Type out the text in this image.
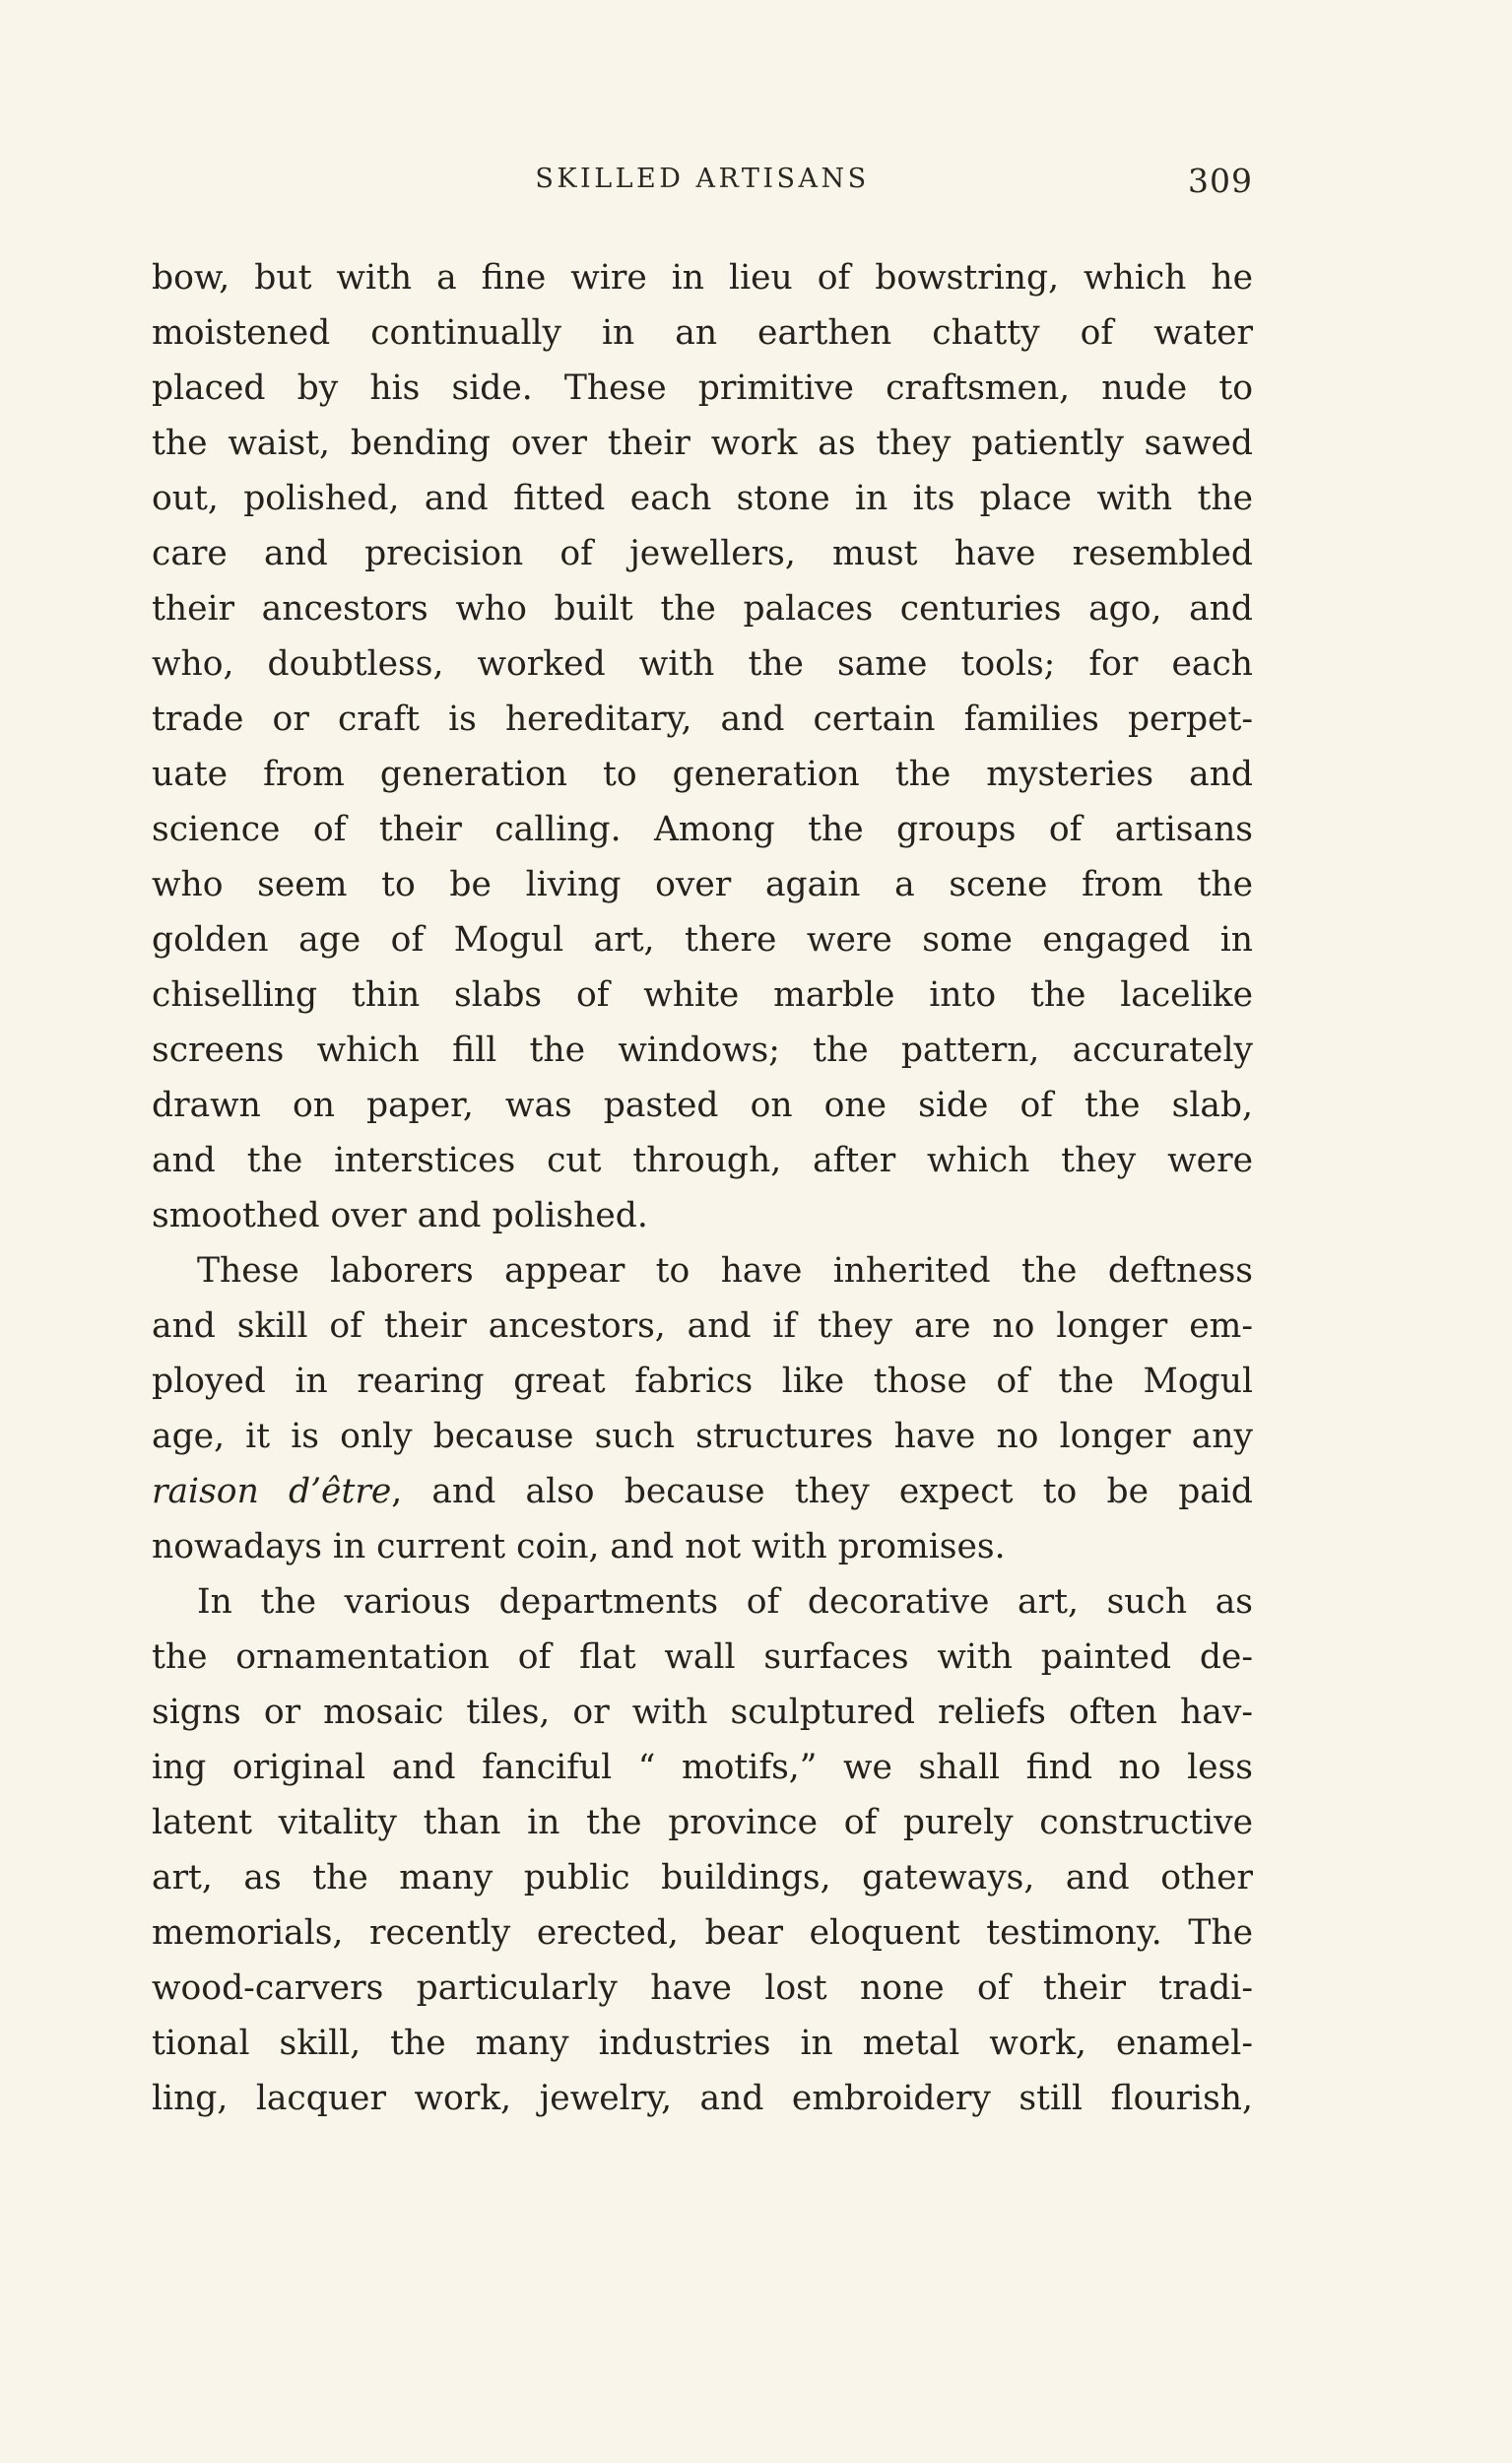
SKILLED ARTISANS	309
bow, but with a fine wire in lieu of bowstring, which he
moistened continually in an earthen chatty of water
placed by his side. These primitive craftsmen, nude to
the waist, bending over their work as they patiently sawed
out, polished, and fitted each stone in its place with the
care and precision of jewellers, must have resembled
their ancestors who built the palaces centuries ago, and
who, doubtless, worked with the same tools; for each
trade or craft is hereditary, and certain families perpet-
uate from generation to generation the mysteries and
science of their calling. Among the groups of artisans
who seem to be living over again a scene from the
golden age of Mogul art, there were some engaged in
chiselling thin slabs of white marble into the lacelike
screens which fill the windows; the pattern, accurately
drawn on paper, was pasted on one side of the slab,
and the interstices cut through, after which they were
smoothed over and polished.
These laborers appear to have inherited the deftness
and skill of their ancestors, and if they are no longer em-
ployed in rearing great fabrics like those of the Mogul
age, it is only because such structures have no longer any
raison d’être, and also because they expect to be paid
nowadays in current coin, and not with promises.
In the various departments of decorative art, such as
the ornamentation of flat wall surfaces with painted de-
signs or mosaic tiles, or with sculptured reliefs often hav-
ing original and fanciful “ motifs,” we shall find no less
latent vitality than in the province of purely constructive
art, as the many public buildings, gateways, and other
memorials, recently erected, bear eloquent testimony. The
wood-carvers particularly have lost none of their tradi-
tional skill, the many industries in metal work, enamel-
ling, lacquer work, jewelry, and embroidery still flourish,
